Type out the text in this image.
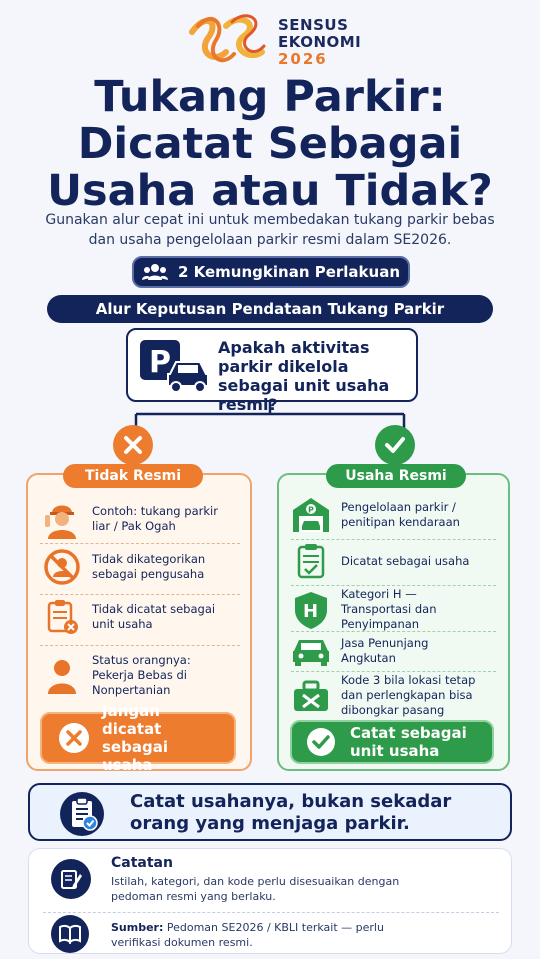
SENSUS
EKONOMI
2026
Tukang Parkir:
Dicatat Sebagai
Usaha atau Tidak?
Gunakan alur cepat ini untuk membedakan tukang parkir bebas dan usaha pengelolaan parkir resmi dalam SE2026.
2 Kemungkinan Perlakuan
Alur Keputusan Pendataan Tukang Parkir
P	Apakah aktivitas parkir dikelola sebagai unit usaha resmi?
Contoh: tukang parkir liar / Pak Ogah
Tidak dikategorikan sebagai pengusaha
Tidak dicatat sebagai unit usaha
Status orangnya: Pekerja Bebas di Nonpertanian
Tidak Resmi
Jangan dicatat sebagai usaha
P Pengelolaan parkir / penitipan kendaraan
Dicatat sebagai usaha
H
Kategori H — Transportasi dan Penyimpanan
Jasa Penunjang Angkutan
Kode 3 bila lokasi tetap dan perlengkapan bisa dibongkar pasang
Usaha Resmi
Catat sebagai unit usaha
Catat usahanya, bukan sekadar orang yang menjaga parkir.
Catatan
Istilah, kategori, dan kode perlu disesuaikan dengan pedoman resmi yang berlaku.
Sumber: Pedoman SE2026 / KBLI terkait — perlu verifikasi dokumen resmi.
